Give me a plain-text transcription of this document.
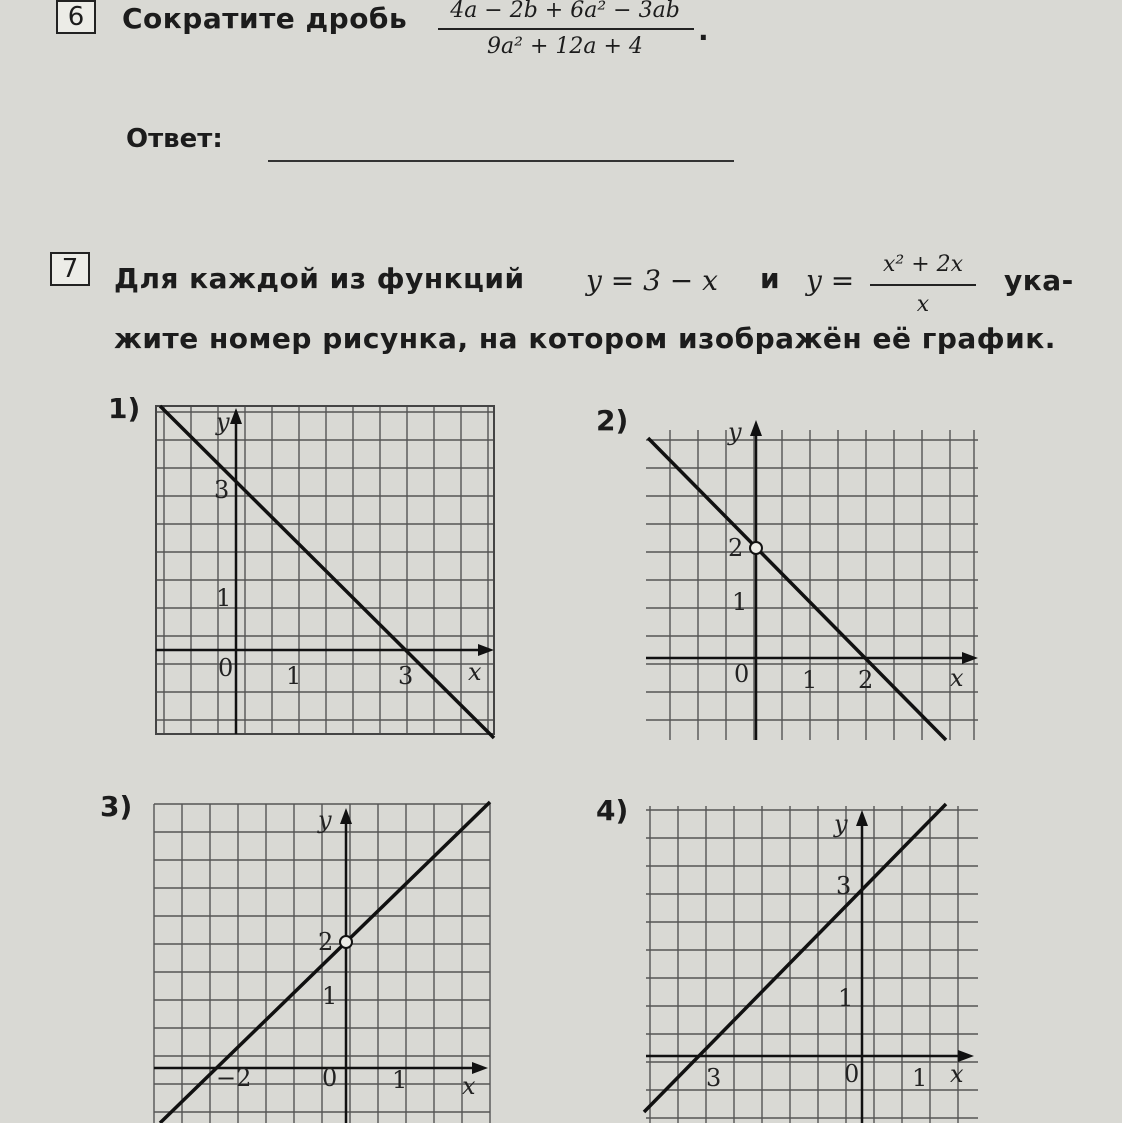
6	Сократите дробь	4a − 2b + 6a² − 3ab
9a² + 12a + 4	.
Ответ:
7	Для каждой из функций y = 3 − x и y =	x² + 2x
x
ука-
жите номер рисунка, на котором изображён её график.
1)	2)
3)	4)
y
x
0 1	3
1
3
y
x
0
1
2
1 2
y
x
0
−2	1
1
2
y
x
0
3	1
1
3
